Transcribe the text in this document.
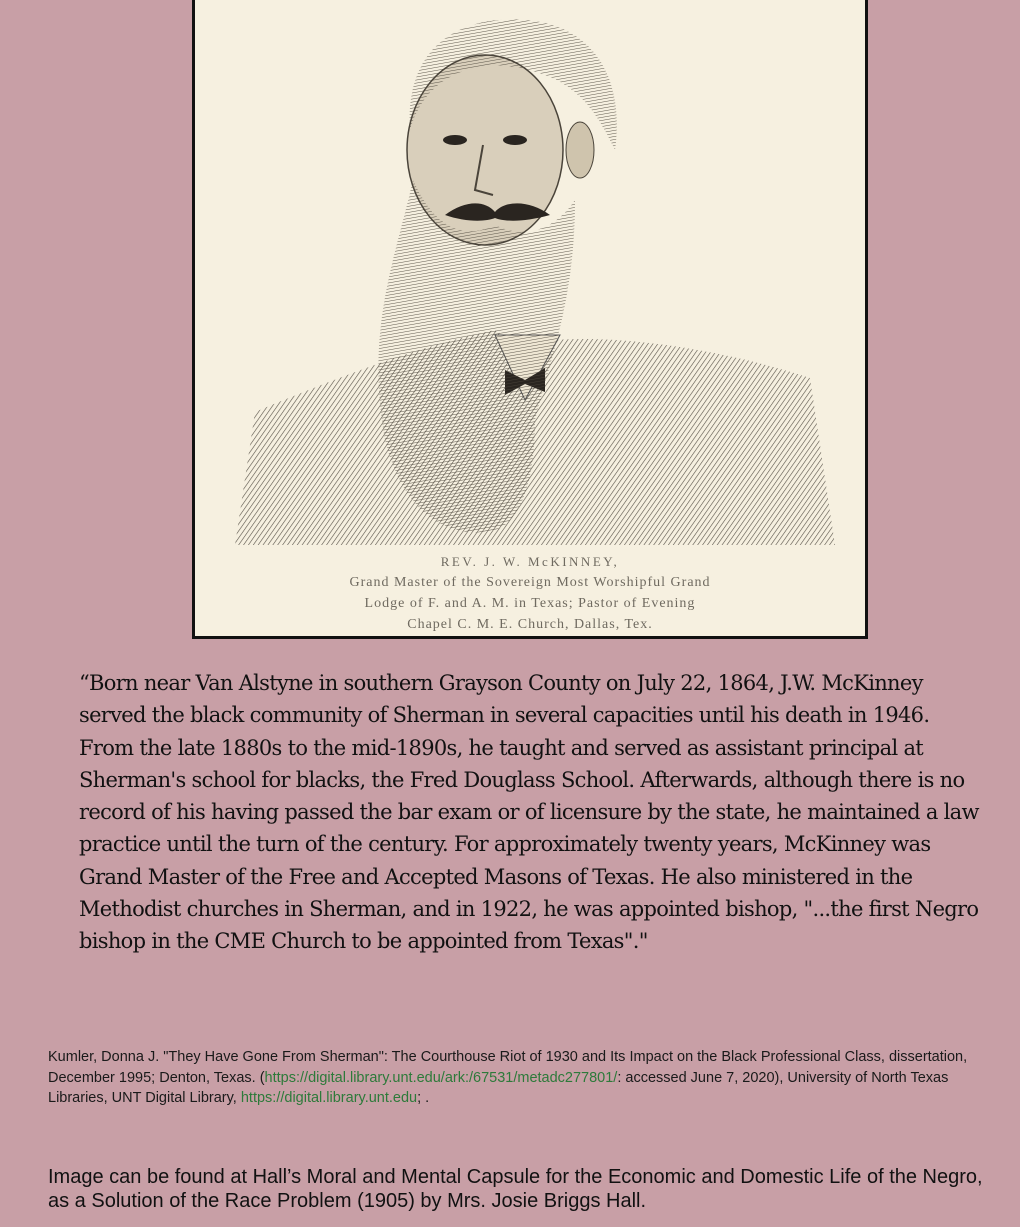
REV. J. W. McKINNEY,
Grand Master of the Sovereign Most Worshipful Grand
Lodge of F. and A. M. in Texas; Pastor of Evening
Chapel C. M. E. Church, Dallas, Tex.

“Born near Van Alstyne in southern Grayson County on July 22, 1864, J.W. McKinney served the black community of Sherman in several capacities until his death in 1946. From the late 1880s to the mid-1890s, he taught and served as assistant principal at Sherman's school for blacks, the Fred Douglass School. Afterwards, although there is no record of his having passed the bar exam or of licensure by the state, he maintained a law practice until the turn of the century. For approximately twenty years, McKinney was Grand Master of the Free and Accepted Masons of Texas. He also ministered in the Methodist churches in Sherman, and in 1922, he was appointed bishop, "...the first Negro bishop in the CME Church to be appointed from Texas"."

Kumler, Donna J. "They Have Gone From Sherman": The Courthouse Riot of 1930 and Its Impact on the Black Professional Class, dissertation, December 1995; Denton, Texas. (https://digital.library.unt.edu/ark:/67531/metadc277801/: accessed June 7, 2020), University of North Texas Libraries, UNT Digital Library, https://digital.library.unt.edu; .

Image can be found at Hall’s Moral and Mental Capsule for the Economic and Domestic Life of the Negro, as a Solution of the Race Problem (1905) by Mrs. Josie Briggs Hall.
